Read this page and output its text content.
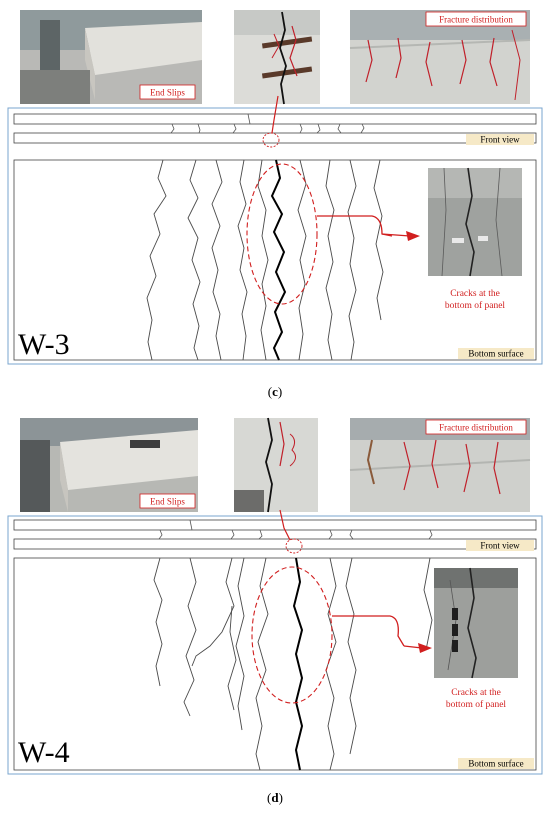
End Slips
Fracture distribution
Front view
Cracks at the
bottom of panel
W-3	Bottom surface
(c)
End Slips
Fracture distribution
Front view
Cracks at the
bottom of panel
W-4	Bottom surface
(d)
